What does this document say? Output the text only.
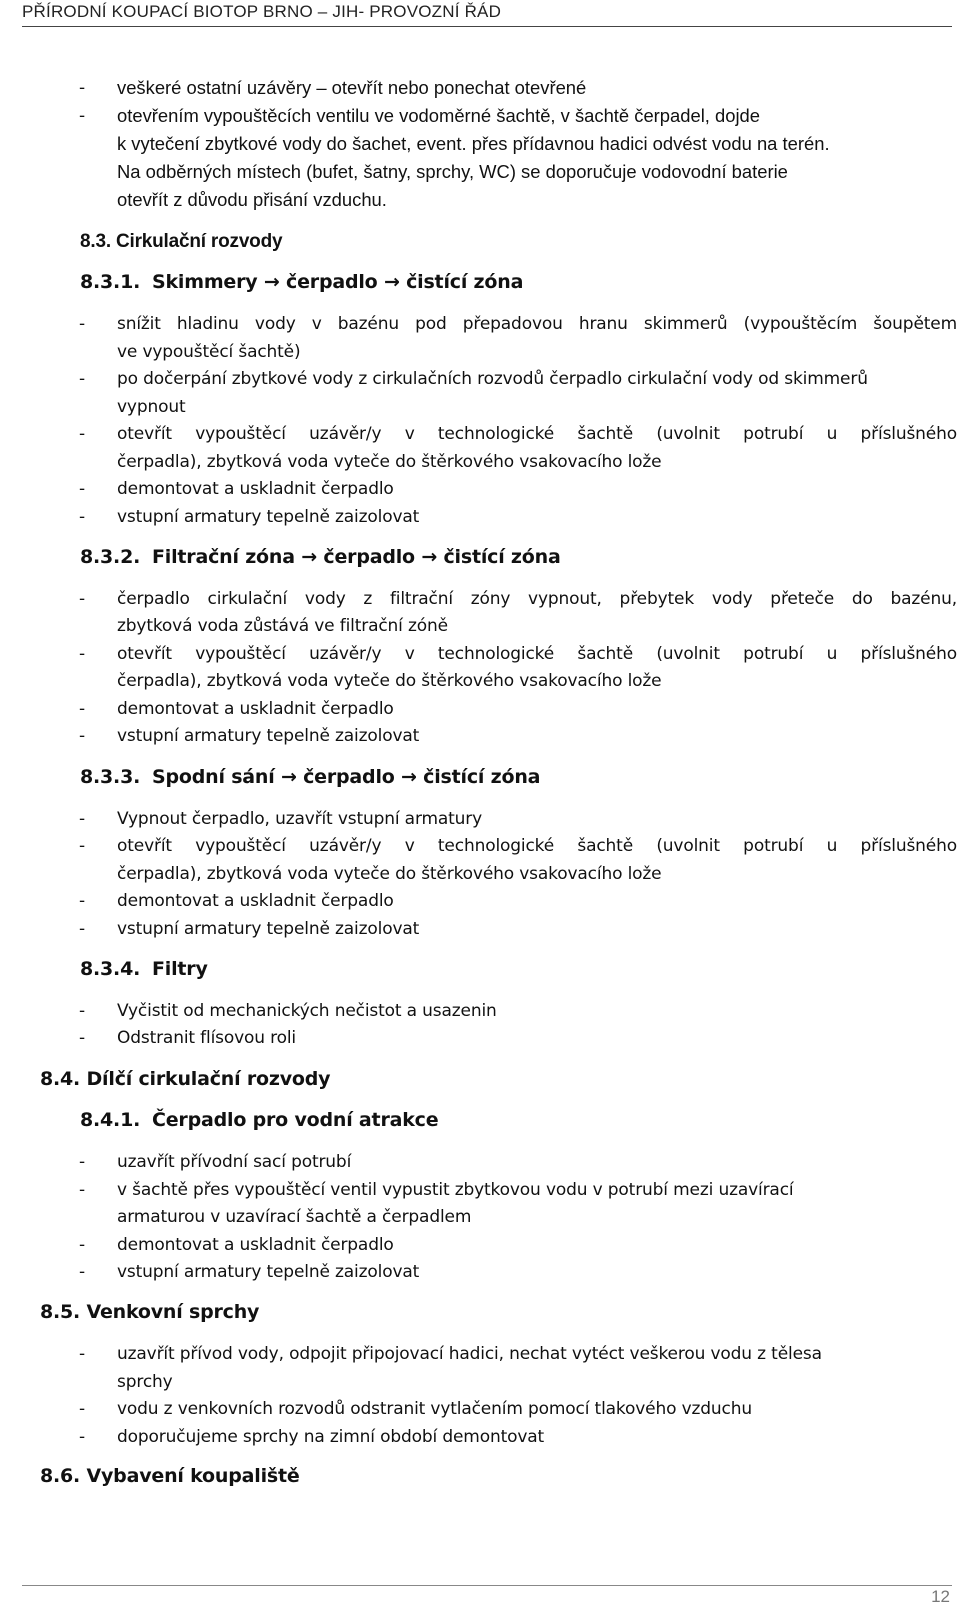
PŘÍRODNÍ KOUPACÍ BIOTOP BRNO – JIH- PROVOZNÍ ŘÁD
- veškeré ostatní uzávěry – otevřít nebo ponechat otevřené
- otevřením vypouštěcích ventilu ve vodoměrné šachtě, v šachtě čerpadel, dojde
k vytečení zbytkové vody do šachet, event. přes přídavnou hadici odvést vodu na terén.
Na odběrných místech (bufet, šatny, sprchy, WC) se doporučuje vodovodní baterie
otevřít z důvodu přisání vzduchu.
8.3. Cirkulační rozvody
8.3.1. Skimmery → čerpadlo → čistící zóna
- snížit hladinu vody v bazénu pod přepadovou hranu skimmerů (vypouštěcím šoupětem
ve vypouštěcí šachtě)
- po dočerpání zbytkové vody z cirkulačních rozvodů čerpadlo cirkulační vody od skimmerů
vypnout
- otevřít vypouštěcí uzávěr/y v technologické šachtě (uvolnit potrubí u příslušného
čerpadla), zbytková voda vyteče do štěrkového vsakovacího lože
- demontovat a uskladnit čerpadlo
- vstupní armatury tepelně zaizolovat
8.3.2. Filtrační zóna → čerpadlo → čistící zóna
- čerpadlo cirkulační vody z filtrační zóny vypnout, přebytek vody přeteče do bazénu,
zbytková voda zůstává ve filtrační zóně
- otevřít vypouštěcí uzávěr/y v technologické šachtě (uvolnit potrubí u příslušného
čerpadla), zbytková voda vyteče do štěrkového vsakovacího lože
- demontovat a uskladnit čerpadlo
- vstupní armatury tepelně zaizolovat
8.3.3. Spodní sání → čerpadlo → čistící zóna
- Vypnout čerpadlo, uzavřít vstupní armatury
- otevřít vypouštěcí uzávěr/y v technologické šachtě (uvolnit potrubí u příslušného
čerpadla), zbytková voda vyteče do štěrkového vsakovacího lože
- demontovat a uskladnit čerpadlo
- vstupní armatury tepelně zaizolovat
8.3.4. Filtry
- Vyčistit od mechanických nečistot a usazenin
- Odstranit flísovou roli
8.4. Dílčí cirkulační rozvody
8.4.1. Čerpadlo pro vodní atrakce
- uzavřít přívodní sací potrubí
- v šachtě přes vypouštěcí ventil vypustit zbytkovou vodu v potrubí mezi uzavírací
armaturou v uzavírací šachtě a čerpadlem
- demontovat a uskladnit čerpadlo
- vstupní armatury tepelně zaizolovat
8.5. Venkovní sprchy
- uzavřít přívod vody, odpojit připojovací hadici, nechat vytéct veškerou vodu z tělesa
sprchy
- vodu z venkovních rozvodů odstranit vytlačením pomocí tlakového vzduchu
- doporučujeme sprchy na zimní období demontovat
8.6. Vybavení koupaliště
12
